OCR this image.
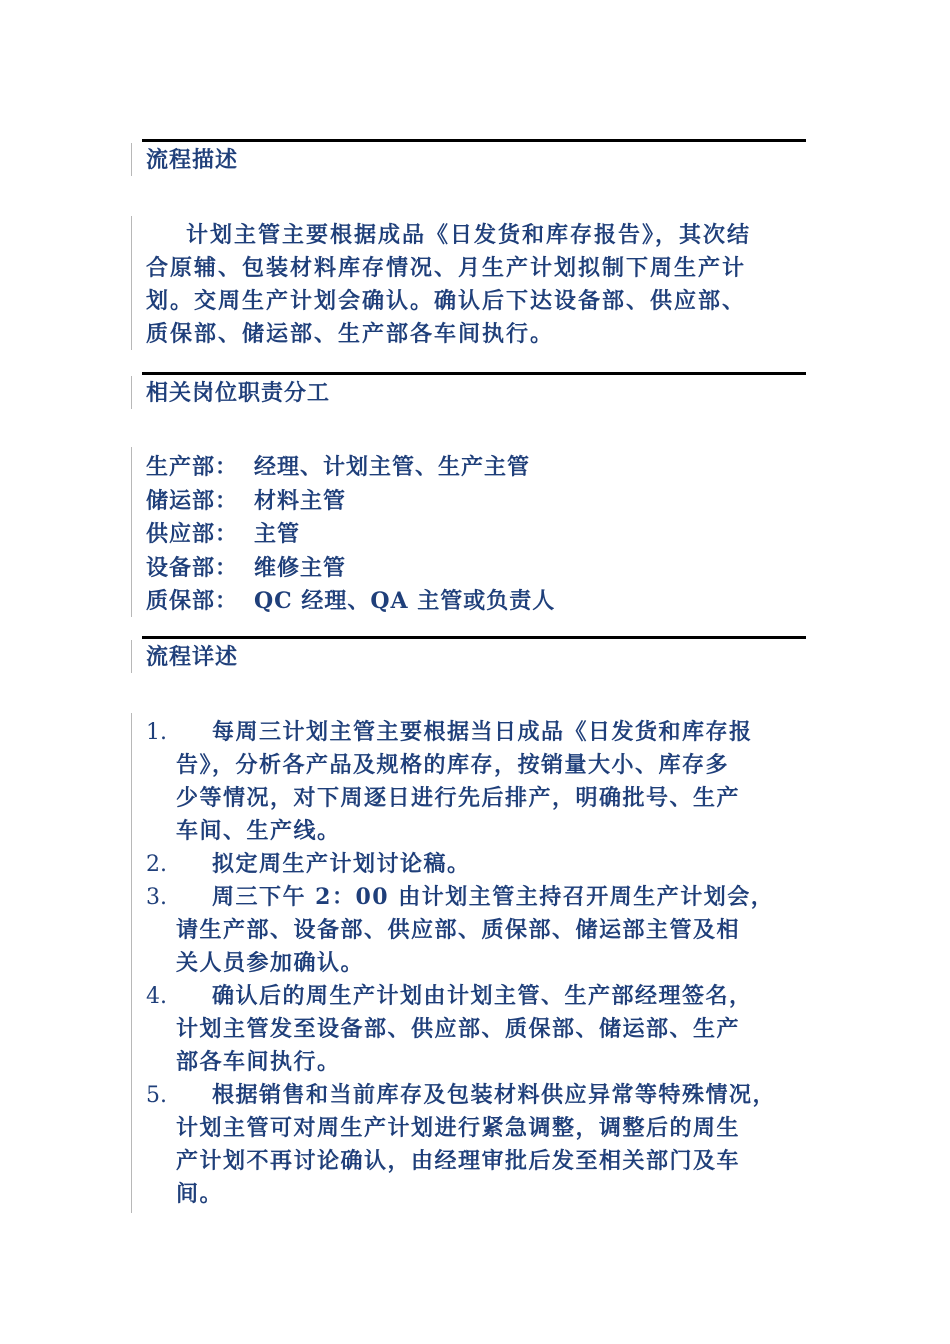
流程描述
计划主管主要根据成品《日发货和库存报告》，其次结
合原辅、包装材料库存情况、月生产计划拟制下周生产计
划。交周生产计划会确认。确认后下达设备部、供应部、
质保部、储运部、生产部各车间执行。
相关岗位职责分工
生产部： 经理、计划主管、生产主管
储运部： 材料主管
供应部： 主管
设备部： 维修主管
质保部： QC 经理、QA 主管或负责人
流程详述
1. 每周三计划主管主要根据当日成品《日发货和库存报
告》，分析各产品及规格的库存，按销量大小、库存多
少等情况，对下周逐日进行先后排产，明确批号、生产
车间、生产线。
2. 拟定周生产计划讨论稿。
3. 周三下午 2：00 由计划主管主持召开周生产计划会，
请生产部、设备部、供应部、质保部、储运部主管及相
关人员参加确认。
4. 确认后的周生产计划由计划主管、生产部经理签名，
计划主管发至设备部、供应部、质保部、储运部、生产
部各车间执行。
5. 根据销售和当前库存及包装材料供应异常等特殊情况，
计划主管可对周生产计划进行紧急调整，调整后的周生
产计划不再讨论确认，由经理审批后发至相关部门及车
间。
